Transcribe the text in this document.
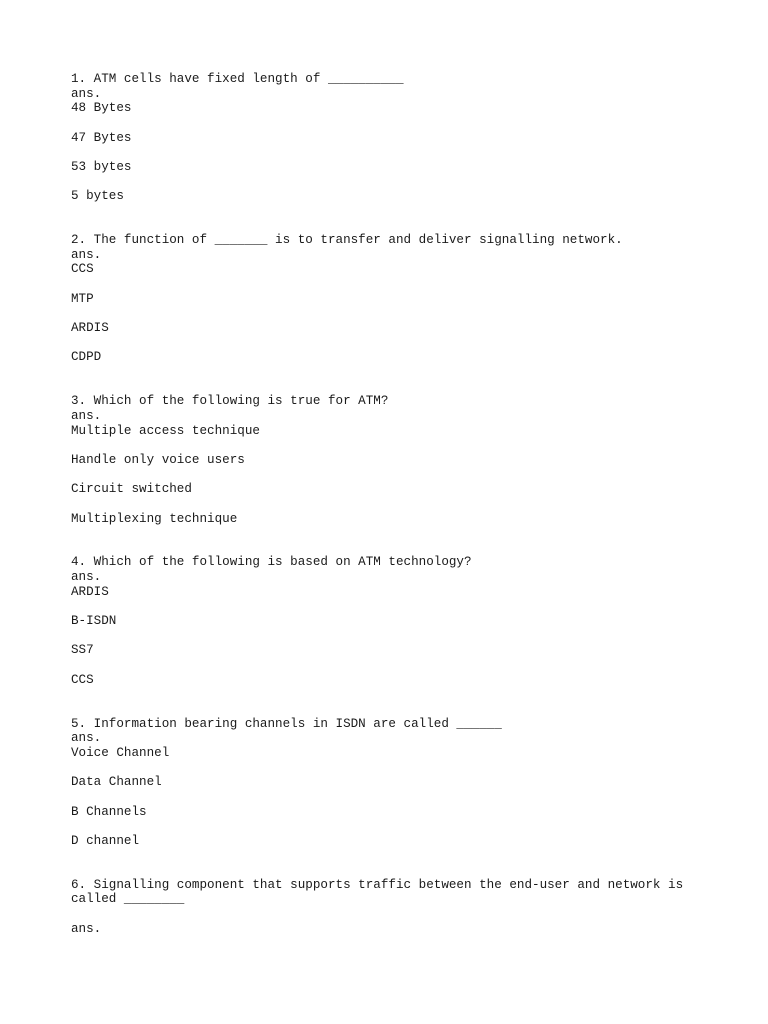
1. ATM cells have fixed length of __________
ans.
48 Bytes
47 Bytes
53 bytes
5 bytes
2. The function of _______ is to transfer and deliver signalling network.
ans.
CCS
MTP
ARDIS
CDPD
3. Which of the following is true for ATM?
ans.
Multiple access technique
Handle only voice users
Circuit switched
Multiplexing technique
4. Which of the following is based on ATM technology?
ans.
ARDIS
B-ISDN
SS7
CCS
5. Information bearing channels in ISDN are called ______
ans.
Voice Channel
Data Channel
B Channels
D channel
6. Signalling component that supports traffic between the end-user and network is called ________
ans.
